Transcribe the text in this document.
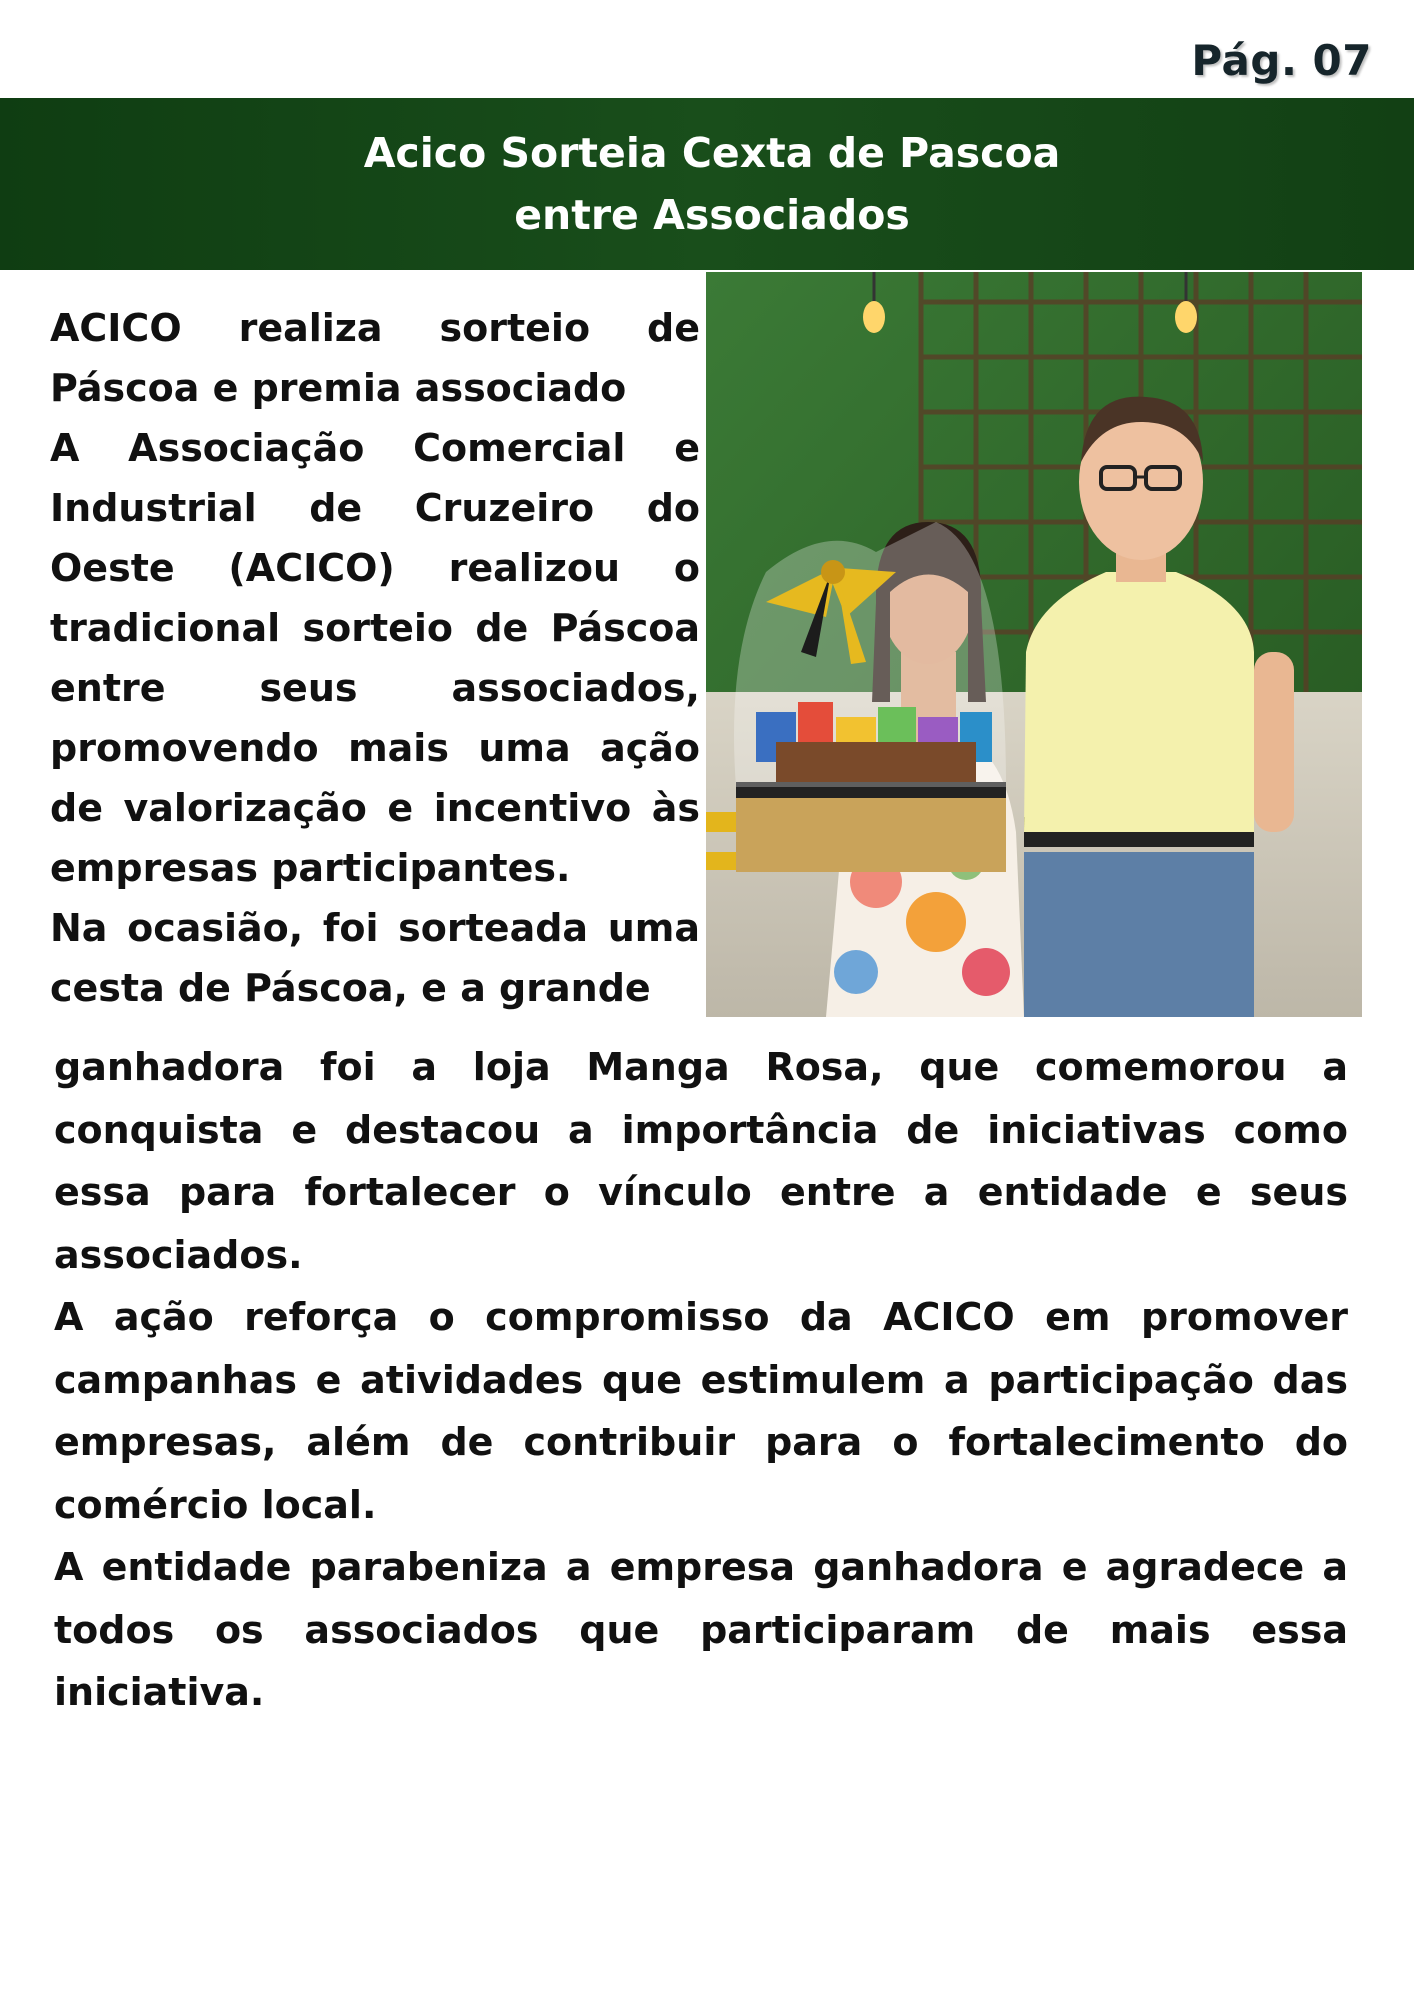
Pág. 07
Acico Sorteia Cexta de Pascoa
entre Associados

ACICO realiza sorteio de Páscoa e premia associado

A Associação Comercial e Industrial de Cruzeiro do Oeste (ACICO) realizou o tradicional sorteio de Páscoa entre seus associados, promovendo mais uma ação de valorização e incentivo às empresas participantes.

Na ocasião, foi sorteada uma cesta de Páscoa, e a grande

ganhadora foi a loja Manga Rosa, que comemorou a conquista e destacou a importância de iniciativas como essa para fortalecer o vínculo entre a entidade e seus associados.

A ação reforça o compromisso da ACICO em promover campanhas e atividades que estimulem a participação das empresas, além de contribuir para o fortalecimento do comércio local.

A entidade parabeniza a empresa ganhadora e agradece a todos os associados que participaram de mais essa iniciativa.
